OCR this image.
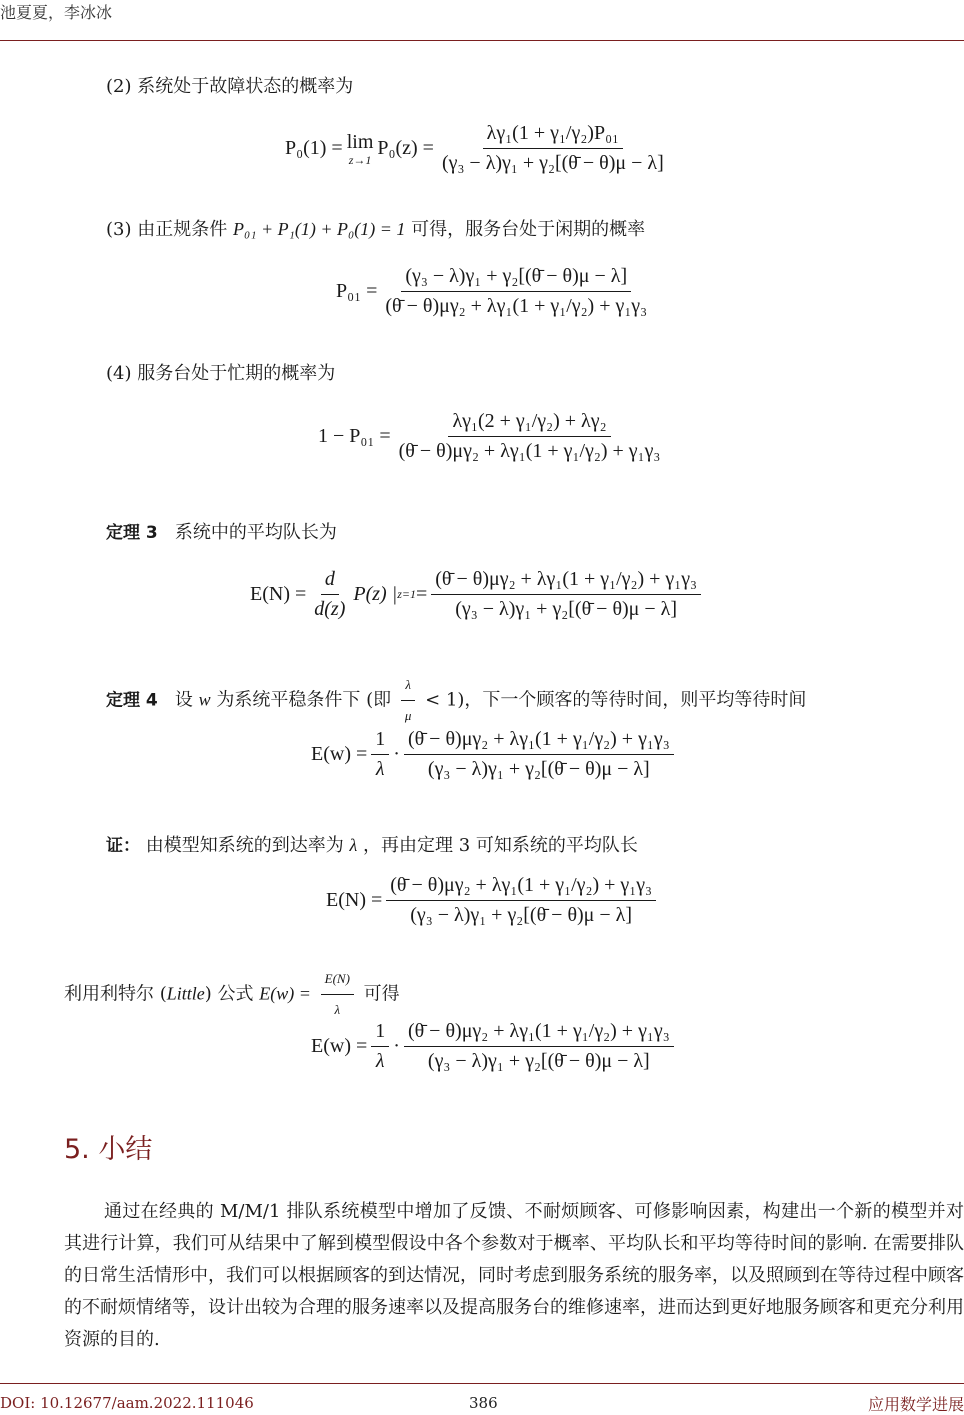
池夏夏，李冰冰
(2) 系统处于故障状态的概率为
P₀(1) = lim
z→1
$P_0(z) = \frac{\text{λγ₁(1 + γ₁/γ₂)P₀₁}}{\text{(γ₃ − λ)γ₁ + γ₂[(θ̄ − θ)μ − λ]}}$
(3) 由正规条件 P₀₁ + P₁(1) + P₀(1) = 1 可得，服务台处于闲期的概率
$P_{01} = \frac{\text{(γ₃ − λ)γ₁ + γ₂[(θ̄ − θ)μ − λ]}}{\text{(θ̄ − θ)μγ₂ + λγ₁(1 + γ₁/γ₂) + γ₁γ₃}}$
(4) 服务台处于忙期的概率为
$1 - P_{01} = \frac{\text{λγ₁(2 + γ₁/γ₂) + λγ₂}}{\text{(θ̄ − θ)μγ₂ + λγ₁(1 + γ₁/γ₂) + γ₁γ₃}}$
定理 3 系统中的平均队长为
$E(N) = \frac{d}{d(z)} P(z)$ | $z=1 = \frac{\text{(θ̄ − θ)μγ₂ + λγ₁(1 + γ₁/γ₂) + γ₁γ₃}}{\text{(γ₃ − λ)γ₁ + γ₂[(θ̄ − θ)μ − λ]}}$
定理 4 设 w 为系统平稳条件下 (即 $\frac{\lambda}{\mu} < 1$)，下一个顾客的等待时间，则平均等待时间
$E(w) = \frac{1}{\lambda} \cdot \frac{\text{(θ̄ − θ)μγ₂ + λγ₁(1 + γ₁/γ₂) + γ₁γ₃}}{\text{(γ₃ − λ)γ₁ + γ₂[(θ̄ − θ)μ − λ]}}$
证： 由模型知系统的到达率为 λ ，再由定理 3 可知系统的平均队长
$E(N) = \frac{\text{(θ̄ − θ)μγ₂ + λγ₁(1 + γ₁/γ₂) + γ₁γ₃}}{\text{(γ₃ − λ)γ₁ + γ₂[(θ̄ − θ)μ − λ]}}$
利用利特尔 (Little) 公式 $E(w) = \frac{E(N)}{\lambda}$ 可得
$E(w) = \frac{1}{\lambda} \cdot \frac{\text{(θ̄ − θ)μγ₂ + λγ₁(1 + γ₁/γ₂) + γ₁γ₃}}{\text{(γ₃ − λ)γ₁ + γ₂[(θ̄ − θ)μ − λ]}}$
5. 小结
通过在经典的 M/M/1 排队系统模型中增加了反馈、不耐烦顾客、可修影响因素，构建出一个新的模型并对其进行计算，我们可从结果中了解到模型假设中各个参数对于概率、平均队长和平均等待时间的影响. 在需要排队的日常生活情形中，我们可以根据顾客的到达情况，同时考虑到服务系统的服务率，以及照顾到在等待过程中顾客的不耐烦情绪等，设计出较为合理的服务速率以及提高服务台的维修速率，进而达到更好地服务顾客和更充分利用资源的目的.
DOI: 10.12677/aam.2022.111046	386	应用数学进展
